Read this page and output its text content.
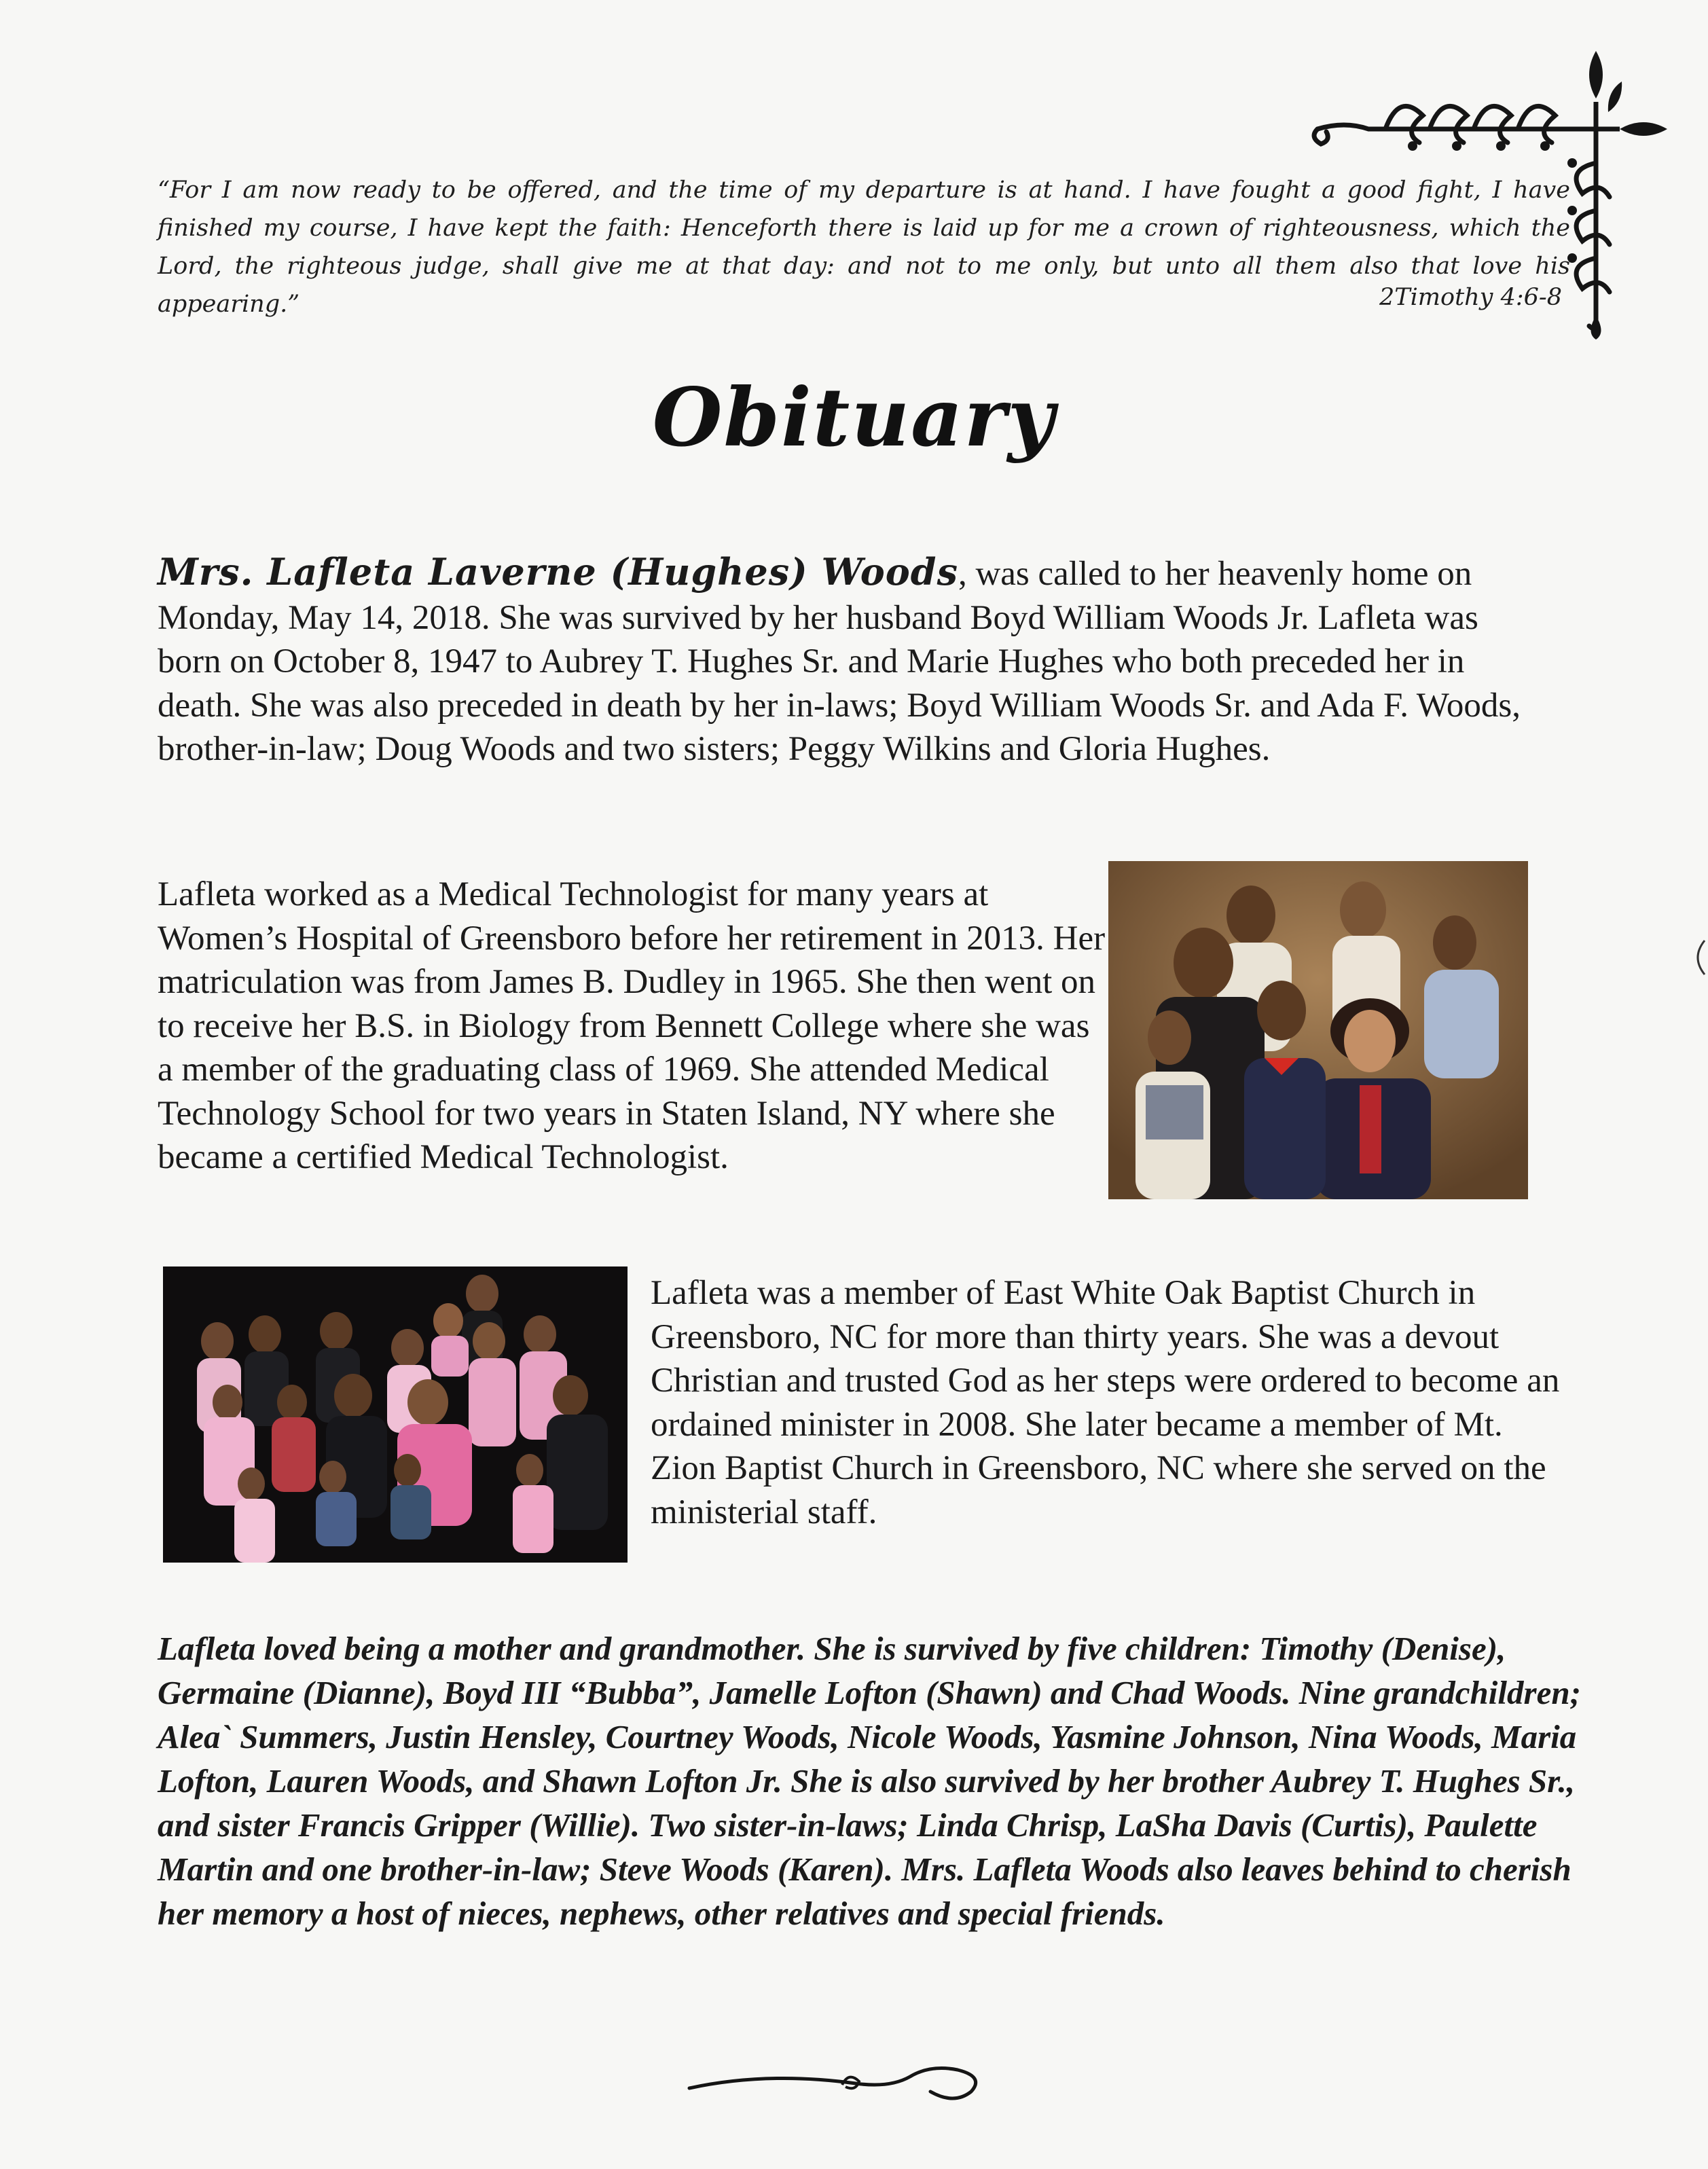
“For I am now ready to be offered, and the time of my departure is at hand. I have fought a good fight, I have finished my course, I have kept the faith: Henceforth there is laid up for me a crown of righteousness, which the Lord, the righteous judge, shall give me at that day: and not to me only, but unto all them also that love his appearing.”	2Timothy 4:6-8
Obituary
Mrs. Lafleta Laverne (Hughes) Woods, was called to her heavenly home on Monday, May 14, 2018. She was survived by her husband Boyd William Woods Jr. Lafleta was born on October 8, 1947 to Aubrey T. Hughes Sr. and Marie Hughes who both preceded her in death. She was also preceded in death by her in-laws; Boyd William Woods Sr. and Ada F. Woods, brother-in-law; Doug Woods and two sisters; Peggy Wilkins and Gloria Hughes.
Lafleta worked as a Medical Technologist for many years at Women’s Hospital of Greensboro before her retirement in 2013. Her matriculation was from James B. Dudley in 1965. She then went on to receive her B.S. in Biology from Bennett College where she was a member of the graduating class of 1969. She attended Medical Technology School for two years in Staten Island, NY where she became a certified Medical Technologist.
Lafleta was a member of East White Oak Baptist Church in Greensboro, NC for more than thirty years. She was a devout Christian and trusted God as her steps were ordered to become an ordained minister in 2008. She later became a member of Mt. Zion Baptist Church in Greensboro, NC where she served on the ministerial staff.
Lafleta loved being a mother and grandmother. She is survived by five children: Timothy (Denise), Germaine (Dianne), Boyd III “Bubba”, Jamelle Lofton (Shawn) and Chad Woods. Nine grandchildren; Alea` Summers, Justin Hensley, Courtney Woods, Nicole Woods, Yasmine Johnson, Nina Woods, Maria Lofton, Lauren Woods, and Shawn Lofton Jr. She is also survived by her brother Aubrey T. Hughes Sr., and sister Francis Gripper (Willie). Two sister-in-laws; Linda Chrisp, LaSha Davis (Curtis), Paulette Martin and one brother-in-law; Steve Woods (Karen). Mrs. Lafleta Woods also leaves behind to cherish her memory a host of nieces, nephews, other relatives and special friends.
